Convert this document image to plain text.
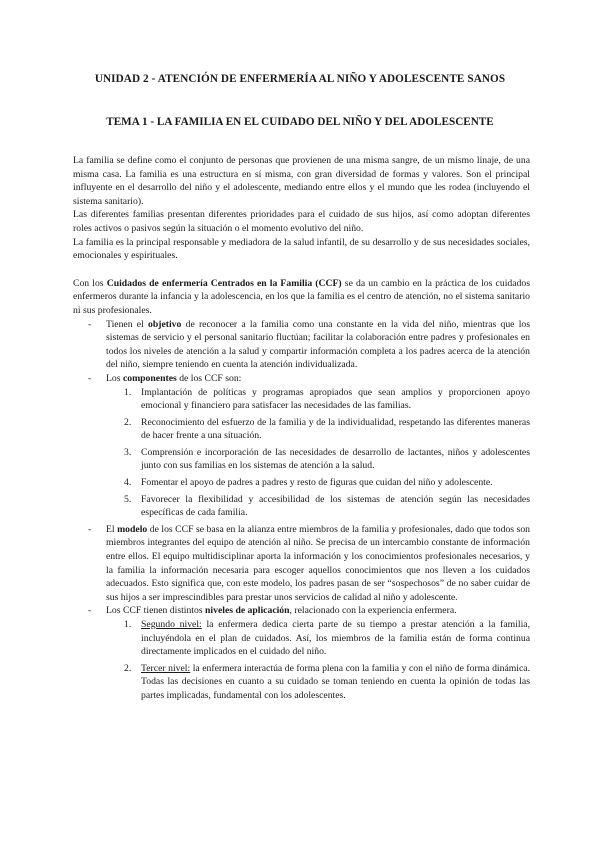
UNIDAD 2 - ATENCIÓN DE ENFERMERÍA AL NIÑO Y ADOLESCENTE SANOS
TEMA 1 - LA FAMILIA EN EL CUIDADO DEL NIÑO Y DEL ADOLESCENTE

La familia se define como el conjunto de personas que provienen de una misma sangre, de un mismo linaje, de una misma casa. La familia es una estructura en sí misma, con gran diversidad de formas y valores. Son el principal influyente en el desarrollo del niño y el adolescente, mediando entre ellos y el mundo que les rodea (incluyendo el sistema sanitario).

Las diferentes familias presentan diferentes prioridades para el cuidado de sus hijos, así como adoptan diferentes roles activos o pasivos según la situación o el momento evolutivo del niño.

La familia es la principal responsable y mediadora de la salud infantil, de su desarrollo y de sus necesidades sociales, emocionales y espirituales.

Con los Cuidados de enfermería Centrados en la Familia (CCF) se da un cambio en la práctica de los cuidados enfermeros durante la infancia y la adolescencia, en los que la familia es el centro de atención, no el sistema sanitario ni sus profesionales.

- Tienen el objetivo de reconocer a la familia como una constante en la vida del niño, mientras que los sistemas de servicio y el personal sanitario fluctúan; facilitar la colaboración entre padres y profesionales en todos los niveles de atención a la salud y compartir información completa a los padres acerca de la atención del niño, siempre teniendo en cuenta la atención individualizada.
- Los componentes de los CCF son:
1. Implantación de políticas y programas apropiados que sean amplios y proporcionen apoyo emocional y financiero para satisfacer las necesidades de las familias.
2. Reconocimiento del esfuerzo de la familia y de la individualidad, respetando las diferentes maneras de hacer frente a una situación.
3. Comprensión e incorporación de las necesidades de desarrollo de lactantes, niños y adolescentes junto con sus familias en los sistemas de atención a la salud.
4. Fomentar el apoyo de padres a padres y resto de figuras que cuidan del niño y adolescente.
5. Favorecer la flexibilidad y accesibilidad de los sistemas de atención según las necesidades específicas de cada familia.
- El modelo de los CCF se basa en la alianza entre miembros de la familia y profesionales, dado que todos son miembros integrantes del equipo de atención al niño. Se precisa de un intercambio constante de información entre ellos. El equipo multidisciplinar aporta la información y los conocimientos profesionales necesarios, y la familia la información necesaria para escoger aquellos conocimientos que nos lleven a los cuidados adecuados. Esto significa que, con este modelo, los padres pasan de ser “sospechosos” de no saber cuidar de sus hijos a ser imprescindibles para prestar unos servicios de calidad al niño y adolescente.
- Los CCF tienen distintos niveles de aplicación, relacionado con la experiencia enfermera.
1. Segundo nivel: la enfermera dedica cierta parte de su tiempo a prestar atención a la familia, incluyéndola en el plan de cuidados. Así, los miembros de la familia están de forma continua directamente implicados en el cuidado del niño.
2. Tercer nivel: la enfermera interactúa de forma plena con la familia y con el niño de forma dinámica. Todas las decisiones en cuanto a su cuidado se toman teniendo en cuenta la opinión de todas las partes implicadas, fundamental con los adolescentes.
